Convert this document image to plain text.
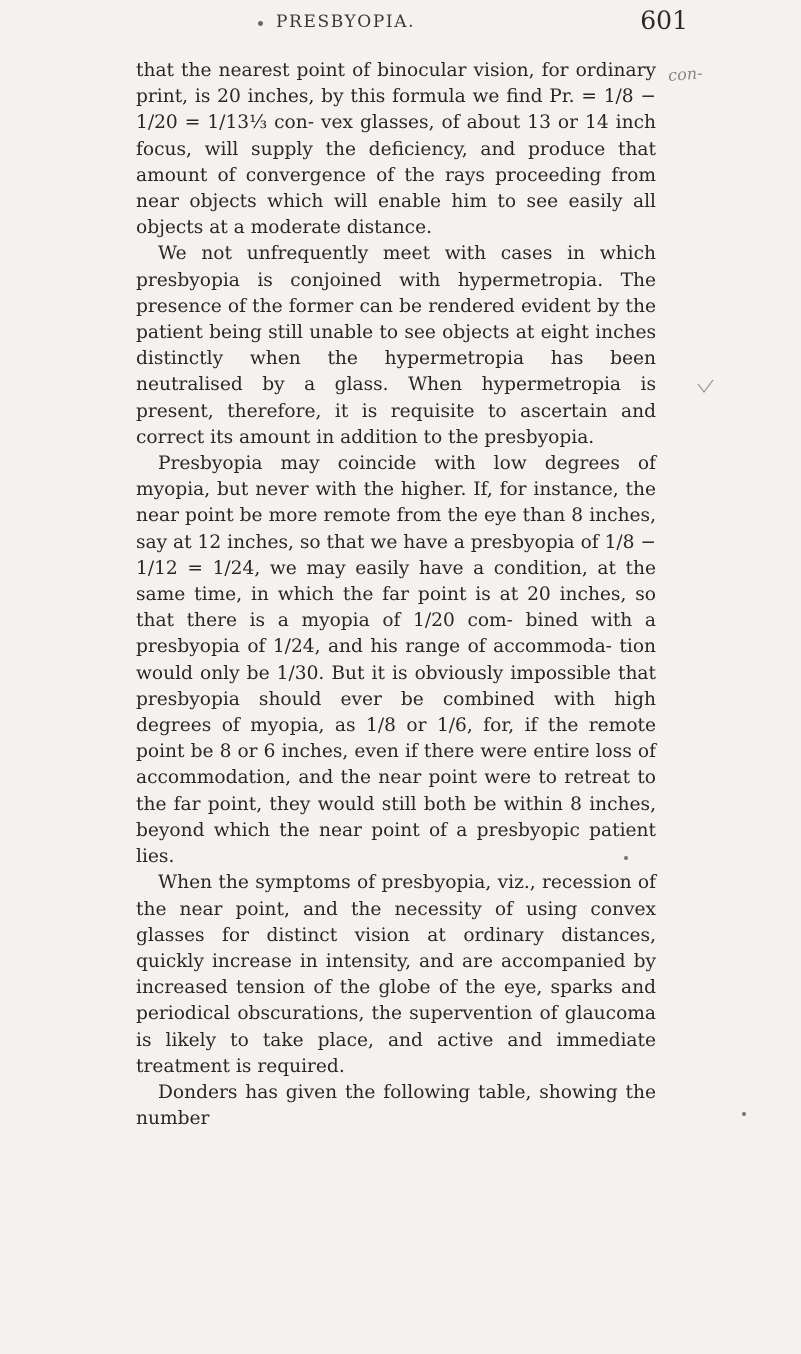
PRESBYOPIA.	601
con-

that the nearest point of binocular vision, for ordinary print, is 20 inches, by this formula we find Pr. = 1/8 − 1/20 = 1/13⅓ con- vex glasses, of about 13 or 14 inch focus, will supply the deficiency, and produce that amount of convergence of the rays proceeding from near objects which will enable him to see easily all objects at a moderate distance.

We not unfrequently meet with cases in which presbyopia is conjoined with hypermetropia. The presence of the former can be rendered evident by the patient being still unable to see objects at eight inches distinctly when the hypermetropia has been neutralised by a glass. When hypermetropia is present, therefore, it is requisite to ascertain and correct its amount in addition to the presbyopia.

Presbyopia may coincide with low degrees of myopia, but never with the higher. If, for instance, the near point be more remote from the eye than 8 inches, say at 12 inches, so that we have a presbyopia of 1/8 − 1/12 = 1/24, we may easily have a condition, at the same time, in which the far point is at 20 inches, so that there is a myopia of 1/20 com- bined with a presbyopia of 1/24, and his range of accommoda- tion would only be 1/30. But it is obviously impossible that presbyopia should ever be combined with high degrees of myopia, as 1/8 or 1/6, for, if the remote point be 8 or 6 inches, even if there were entire loss of accommodation, and the near point were to retreat to the far point, they would still both be within 8 inches, beyond which the near point of a presbyopic patient lies.

When the symptoms of presbyopia, viz., recession of the near point, and the necessity of using convex glasses for distinct vision at ordinary distances, quickly increase in intensity, and are accompanied by increased tension of the globe of the eye, sparks and periodical obscurations, the supervention of glaucoma is likely to take place, and active and immediate treatment is required.

Donders has given the following table, showing the number
